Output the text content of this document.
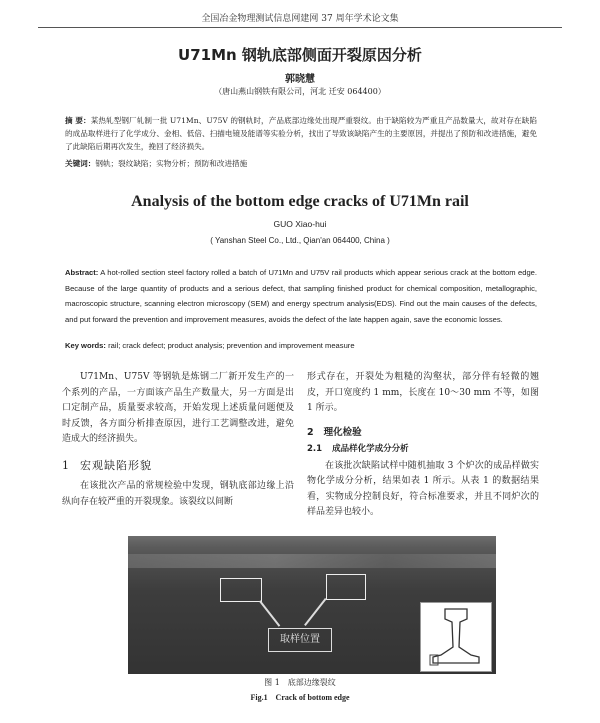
全国冶金物理测试信息网建网 37 周年学术论文集
U71Mn 钢轨底部侧面开裂原因分析
郭晓慧
（唐山燕山钢铁有限公司，河北 迁安 064400）
摘 要：某热轧型钢厂轧制一批 U71Mn、U75V 的钢轨时，产品底部边缘处出现严重裂纹。由于缺陷较为严重且产品数量大，故对存在缺陷的成品取样进行了化学成分、金相、低倍、扫描电镜及能谱等实验分析，找出了导致该缺陷产生的主要原因，并提出了预防和改进措施，避免了此缺陷后期再次发生，挽回了经济损失。
关键词：钢轨；裂纹缺陷；实物分析；预防和改进措施
Analysis of the bottom edge cracks of U71Mn rail
GUO Xiao-hui
( Yanshan Steel Co., Ltd., Qian'an 064400, China )
Abstract: A hot-rolled section steel factory rolled a batch of U71Mn and U75V rail products which appear serious crack at the bottom edge. Because of the large quantity of products and a serious defect, that sampling finished product for chemical composition, metallographic, macroscopic structure, scanning electron microscopy (SEM) and energy spectrum analysis(EDS). Find out the main causes of the defects, and put forward the prevention and improvement measures, avoids the defect of the late happen again, save the economic losses.
Key words: rail; crack defect; product analysis; prevention and improvement measure

U71Mn、U75V 等钢轨是炼钢二厂新开发生产的一个系列的产品，一方面该产品生产数量大，另一方面是出口定制产品，质量要求较高，开始发现上述质量问题便及时反馈，各方面分析排查原因，进行工艺调整改进，避免造成大的经济损失。

1 宏观缺陷形貌

在该批次产品的常规检验中发现，钢轨底部边缘上沿纵向存在较严重的开裂现象。该裂纹以间断

形式存在，开裂处为粗糙的沟壑状，部分伴有轻微的翘皮，开口宽度约 1 mm，长度在 10～30 mm 不等，如图 1 所示。

2 理化检验
2.1 成品样化学成分分析

在该批次缺陷试样中随机抽取 3 个炉次的成品样做实物化学成分分析，结果如表 1 所示。从表 1 的数据结果看，实物成分控制良好，符合标准要求，并且不同炉次的样品差异也较小。

取样位置
图 1　底部边缘裂纹
Fig.1　Crack of bottom edge
